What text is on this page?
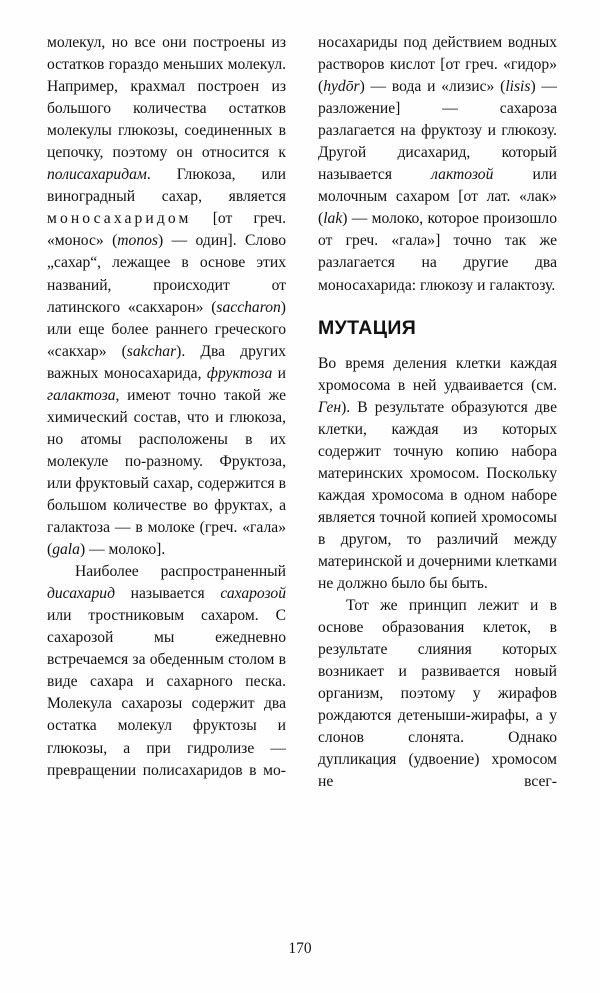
молекул, но все они построены из остатков гораздо меньших молекул. Например, крахмал построен из большого количества остатков молекулы глюкозы, соединенных в цепочку, поэтому он относится к полисахаридам. Глюкоза, или виноградный сахар, является моносахаридом [от греч. «монос» (monos) — один]. Слово „сахар“, лежащее в основе этих названий, происходит от латинского «сакхарон» (saccharon) или еще более раннего греческого «сакхар» (sakchar). Два других важных моносахарида, фруктоза и галактоза, имеют точно такой же химический состав, что и глюкоза, но атомы расположены в их молекуле по-разному. Фруктоза, или фруктовый сахар, содержится в большом количестве во фруктах, а галактоза — в молоке (греч. «гала» (gala) — молоко].

Наиболее распространенный дисахарид называется сахарозой или тростниковым сахаром. С сахарозой мы ежедневно встречаемся за обеденным столом в виде сахара и сахарного песка. Молекула сахарозы содержит два остатка молекул фруктозы и глюкозы, а при гидролизе — превращении полисахаридов в мо-

носахариды под действием водных растворов кислот [от греч. «гидор» (hydōr) — вода и «лизис» (lisis) — разложение] — сахароза разлагается на фруктозу и глюкозу. Другой дисахарид, который называется лактозой или молочным сахаром [от лат. «лак» (lak) — молоко, которое произошло от греч. «гала»] точно так же разлагается на другие два моносахарида: глюкозу и галактозу.

МУТАЦИЯ

Во время деления клетки каждая хромосома в ней удваивается (см. Ген). В результате образуются две клетки, каждая из которых содержит точную копию набора материнских хромосом. Поскольку каждая хромосома в одном наборе является точной копией хромосомы в другом, то различий между материнской и дочерними клетками не должно было бы быть.

Тот же принцип лежит и в основе образования клеток, в результате слияния которых возникает и развивается новый организм, поэтому у жирафов рождаются детеныши-жирафы, а у слонов слонята. Однако дупликация (удвоение) хромосом не всег-

170
